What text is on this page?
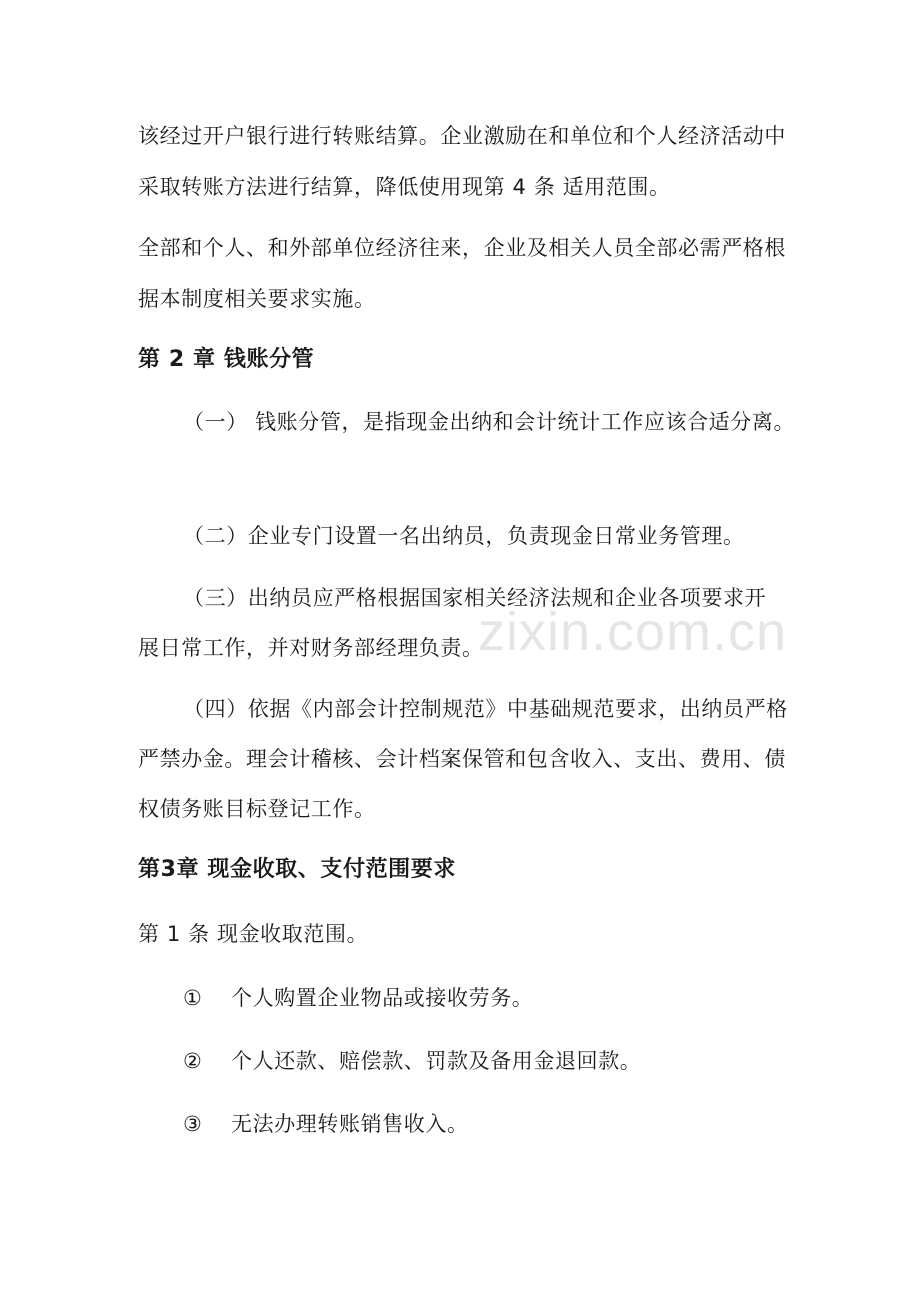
该经过开户银行进行转账结算。企业激励在和单位和个人经济活动中
采取转账方法进行结算，降低使用现第 4 条 适用范围。
全部和个人、和外部单位经济往来，企业及相关人员全部必需严格根
据本制度相关要求实施。
第 2 章 钱账分管
（一） 钱账分管，是指现金出纳和会计统计工作应该合适分离。
（二）企业专门设置一名出纳员，负责现金日常业务管理。
（三）出纳员应严格根据国家相关经济法规和企业各项要求开
展日常工作，并对财务部经理负责。
（四）依据《内部会计控制规范》中基础规范要求，出纳员严格
严禁办金。理会计稽核、会计档案保管和包含收入、支出、费用、债
权债务账目标登记工作。
第3章 现金收取、支付范围要求
第 1 条 现金收取范围。
① 个人购置企业物品或接收劳务。
② 个人还款、赔偿款、罚款及备用金退回款。
③ 无法办理转账销售收入。
zixin.com.cn
